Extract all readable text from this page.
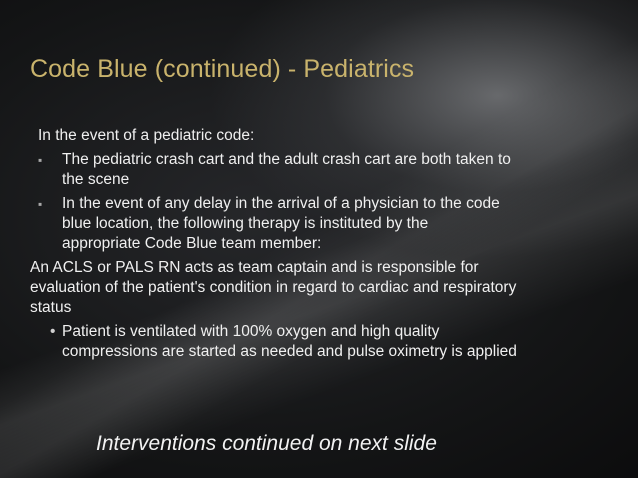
Code Blue (continued) - Pediatrics
In the event of a pediatric code:
▪ The pediatric crash cart and the adult crash cart are both taken to
the scene
▪ In the event of any delay in the arrival of a physician to the code
blue location, the following therapy is instituted by the
appropriate Code Blue team member:
An ACLS or PALS RN acts as team captain and is responsible for
evaluation of the patient's condition in regard to cardiac and respiratory
status
• Patient is ventilated with 100% oxygen and high quality
compressions are started as needed and pulse oximetry is applied
Interventions continued on next slide
